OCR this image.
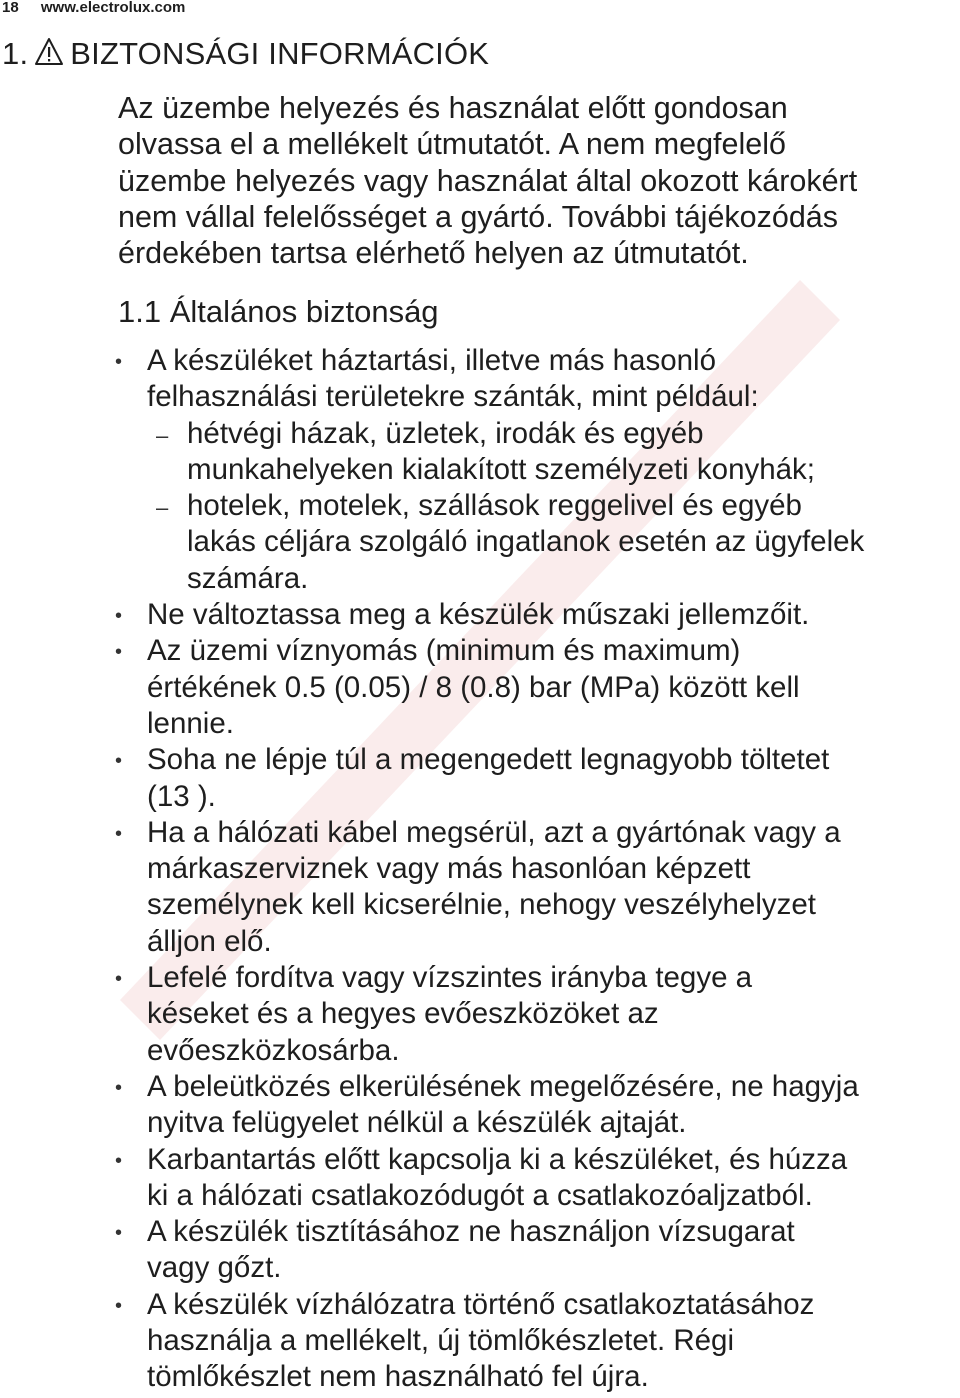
18 www.electrolux.com
1. BIZTONSÁGI INFORMÁCIÓK
Az üzembe helyezés és használat előtt gondosan
olvassa el a mellékelt útmutatót. A nem megfelelő
üzembe helyezés vagy használat által okozott károkért
nem vállal felelősséget a gyártó. További tájékozódás
érdekében tartsa elérhető helyen az útmutatót.
1.1 Általános biztonság
• A készüléket háztartási, illetve más hasonló
felhasználási területekre szánták, mint például:
– hétvégi házak, üzletek, irodák és egyéb
munkahelyeken kialakított személyzeti konyhák;
– hotelek, motelek, szállások reggelivel és egyéb
lakás céljára szolgáló ingatlanok esetén az ügyfelek
számára.
• Ne változtassa meg a készülék műszaki jellemzőit.
• Az üzemi víznyomás (minimum és maximum)
értékének 0.5 (0.05) / 8 (0.8) bar (MPa) között kell
lennie.
• Soha ne lépje túl a megengedett legnagyobb töltetet
(13 ).
• Ha a hálózati kábel megsérül, azt a gyártónak vagy a
márkaszerviznek vagy más hasonlóan képzett
személynek kell kicserélnie, nehogy veszélyhelyzet
álljon elő.
• Lefelé fordítva vagy vízszintes irányba tegye a
késeket és a hegyes evőeszközöket az
evőeszközkosárba.
• A beleütközés elkerülésének megelőzésére, ne hagyja
nyitva felügyelet nélkül a készülék ajtaját.
• Karbantartás előtt kapcsolja ki a készüléket, és húzza
ki a hálózati csatlakozódugót a csatlakozóaljzatból.
• A készülék tisztításához ne használjon vízsugarat
vagy gőzt.
• A készülék vízhálózatra történő csatlakoztatásához
használja a mellékelt, új tömlőkészletet. Régi
tömlőkészlet nem használható fel újra.
